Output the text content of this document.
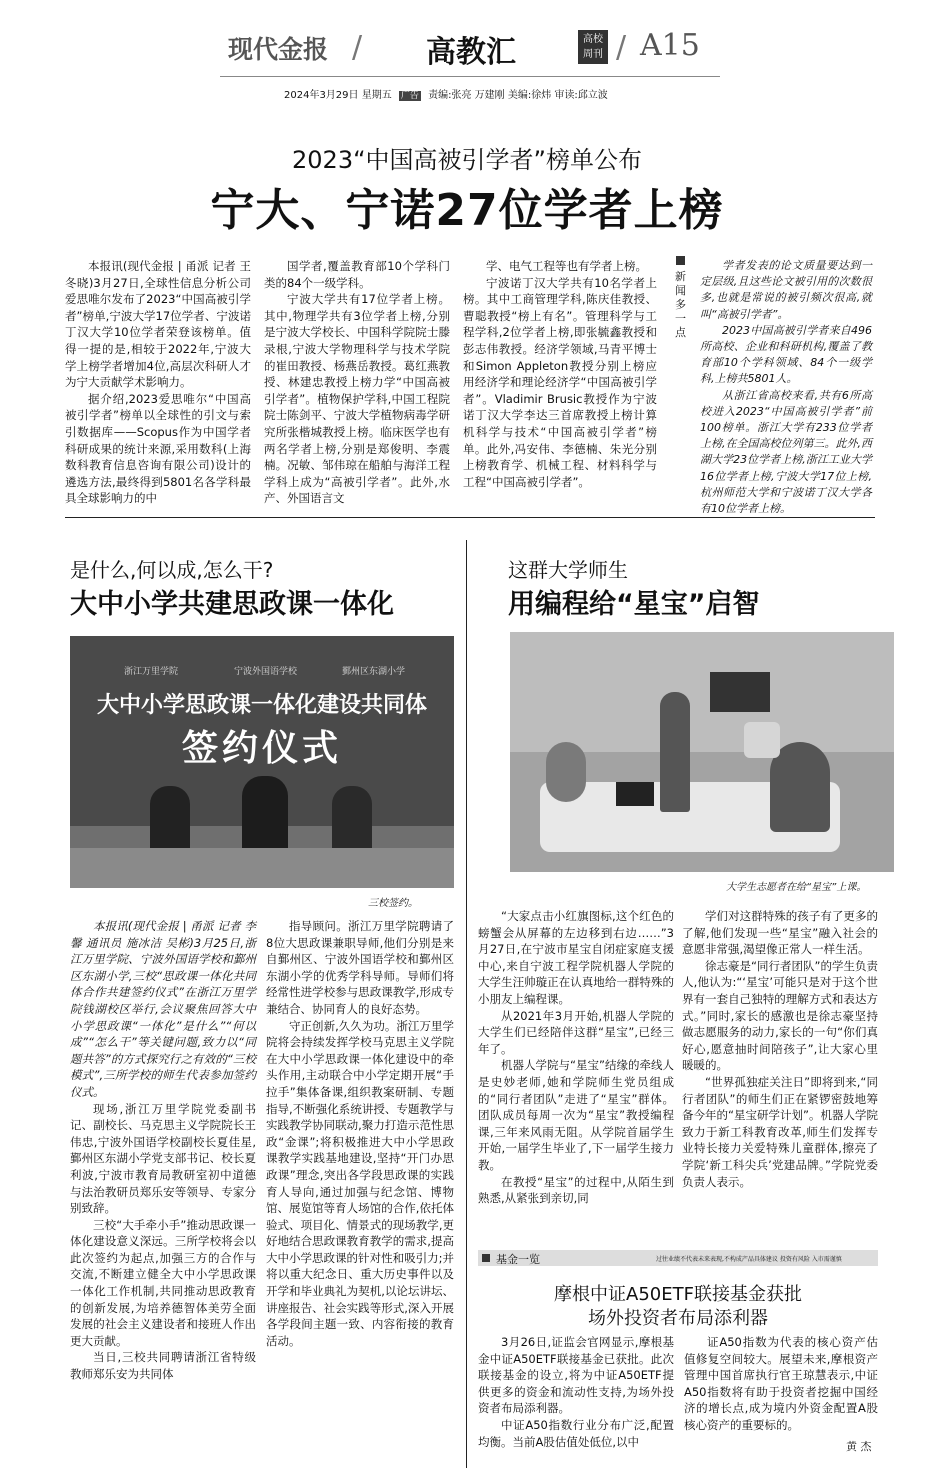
现代金报 / 高教汇	高校
周刊 / A15
2024年3月29日 星期五 广告 责编:张亮 万建刚 美编:徐炜 审读:邱立波
2023“中国高被引学者”榜单公布
宁大、宁诺27位学者上榜

本报讯(现代金报 | 甬派 记者 王冬晓)3月27日,全球性信息分析公司爱思唯尔发布了2023“中国高被引学者”榜单,宁波大学17位学者、宁波诺丁汉大学10位学者荣登该榜单。值得一提的是,相较于2022年,宁波大学上榜学者增加4位,高层次科研人才为宁大贡献学术影响力。

据介绍,2023爱思唯尔“中国高被引学者”榜单以全球性的引文与索引数据库——Scopus作为中国学者科研成果的统计来源,采用数科(上海数科教育信息咨询有限公司)设计的遴选方法,最终得到5801名各学科最具全球影响力的中

国学者,覆盖教育部10个学科门类的84个一级学科。

宁波大学共有17位学者上榜。其中,物理学共有3位学者上榜,分别是宁波大学校长、中国科学院院士滕录根,宁波大学物理科学与技术学院的崔田教授、杨燕岳教授。葛红燕教授、林建忠教授上榜力学“中国高被引学者”。植物保护学科,中国工程院院士陈剑平、宁波大学植物病毒学研究所张楷城教授上榜。临床医学也有两名学者上榜,分别是郑俊明、李震楠。况敏、邹伟琼在船舶与海洋工程学科上成为“高被引学者”。此外,水产、外国语言文

学、电气工程等也有学者上榜。

宁波诺丁汉大学共有10名学者上榜。其中工商管理学科,陈庆佳教授、曹聪教授“榜上有名”。管理科学与工程学科,2位学者上榜,即张毓鑫教授和彭志伟教授。经济学领域,马青平博士和Simon Appleton教授分别上榜应用经济学和理论经济学“中国高被引学者”。Vladimir Brusic教授作为宁波诺丁汉大学李达三首席教授上榜计算机科学与技术“中国高被引学者”榜单。此外,冯安伟、李德楠、朱光分别上榜教育学、机械工程、材料科学与工程“中国高被引学者”。

新闻多一点

学者发表的论文质量要达到一定层级,且这些论文被引用的次数很多,也就是常说的被引频次很高,就叫“高被引学者”。

2023中国高被引学者来自496所高校、企业和科研机构,覆盖了教育部10个学科领域、84个一级学科,上榜共5801人。

从浙江省高校来看,共有6所高校进入2023“中国高被引学者”前100榜单。浙江大学有233位学者上榜,在全国高校位列第三。此外,西湖大学23位学者上榜,浙江工业大学16位学者上榜,宁波大学17位上榜,杭州师范大学和宁波诺丁汉大学各有10位学者上榜。

是什么,何以成,怎么干?
大中小学共建思政课一体化
浙江万里学院	宁波外国语学校	鄞州区东湖小学
大中小学思政课一体化建设共同体
签约仪式
三校签约。

本报讯(现代金报 | 甬派 记者 李馨 通讯员 施冰洁 吴彬)3月25日,浙江万里学院、宁波外国语学校和鄞州区东湖小学,三校“思政课一体化共同体合作共建签约仪式”在浙江万里学院钱湖校区举行,会议聚焦回答大中小学思政课“一体化”是什么”“何以成”“怎么干”等关键问题,致力以“同题共答”的方式探究行之有效的“三校模式”,三所学校的师生代表参加签约仪式。

现场,浙江万里学院党委副书记、副校长、马克思主义学院院长王伟忠,宁波外国语学校副校长夏佳星,鄞州区东湖小学党支部书记、校长夏利波,宁波市教育局教研室初中道德与法治教研员郑乐安等领导、专家分别致辞。

三校“大手牵小手”推动思政课一体化建设意义深远。三所学校将会以此次签约为起点,加强三方的合作与交流,不断建立健全大中小学思政课一体化工作机制,共同推动思政教育的创新发展,为培养德智体美劳全面发展的社会主义建设者和接班人作出更大贡献。

当日,三校共同聘请浙江省特级教师郑乐安为共同体

指导顾问。浙江万里学院聘请了8位大思政课兼职导师,他们分别是来自鄞州区、宁波外国语学校和鄞州区东湖小学的优秀学科导师。导师们将经常性进学校参与思政课教学,形成专兼结合、协同育人的良好态势。

守正创新,久久为功。浙江万里学院将会持续发挥学校马克思主义学院在大中小学思政课一体化建设中的牵头作用,主动联合中小学定期开展“手拉手”集体备课,组织教案研制、专题指导,不断强化系统讲授、专题教学与实践教学协同联动,聚力打造示范性思政“金课”;将积极推进大中小学思政课教学实践基地建设,坚持“开门办思政课”理念,突出各学段思政课的实践育人导向,通过加强与纪念馆、博物馆、展览馆等育人场馆的合作,依托体验式、项目化、情景式的现场教学,更好地结合思政课教育教学的需求,提高大中小学思政课的针对性和吸引力;并将以重大纪念日、重大历史事件以及开学和毕业典礼为契机,以论坛讲坛、讲座报告、社会实践等形式,深入开展各学段间主题一致、内容衔接的教育活动。

这群大学师生
用编程给“星宝”启智
大学生志愿者在给“星宝”上课。

“大家点击小红旗图标,这个红色的螃蟹会从屏幕的左边移到右边……”3月27日,在宁波市星宝自闭症家庭支援中心,来自宁波工程学院机器人学院的大学生汪帅璇正在认真地给一群特殊的小朋友上编程课。

从2021年3月开始,机器人学院的大学生们已经陪伴这群“星宝”,已经三年了。

机器人学院与“星宝”结缘的牵线人是史妙老师,她和学院师生党员组成的“同行者团队”走进了“星宝”群体。团队成员每周一次为“星宝”教授编程课,三年来风雨无阻。从学院首届学生开始,一届学生毕业了,下一届学生接力教。

在教授“星宝”的过程中,从陌生到熟悉,从紧张到亲切,同

学们对这群特殊的孩子有了更多的了解,他们发现一些“星宝”融入社会的意愿非常强,渴望像正常人一样生活。

徐志豪是“同行者团队”的学生负责人,他认为:“‘星宝’可能只是对于这个世界有一套自己独特的理解方式和表达方式。”同时,家长的感激也是徐志豪坚持做志愿服务的动力,家长的一句“你们真好心,愿意抽时间陪孩子”,让大家心里暖暖的。

“世界孤独症关注日”即将到来,“同行者团队”的师生们正在紧锣密鼓地筹备今年的“星宝研学计划”。机器人学院致力于新工科教育改革,师生们发挥专业特长接力关爱特殊儿童群体,擦亮了学院‘新工科尖兵’党建品牌。”学院党委负责人表示。

基金一览	过往业绩不代表未来表现,不构成产品具体建议 投资有风险 入市需谨慎
摩根中证A50ETF联接基金获批
场外投资者布局添利器

3月26日,证监会官网显示,摩根基金中证A50ETF联接基金已获批。此次联接基金的设立,将为中证A50ETF提供更多的资金和流动性支持,为场外投资者布局添利器。

中证A50指数行业分布广泛,配置均衡。当前A股估值处低位,以中

证A50指数为代表的核心资产估值修复空间较大。展望未来,摩根资产管理中国首席执行官王琼慧表示,中证A50指数将有助于投资者挖掘中国经济的增长点,成为境内外资金配置A股核心资产的重要标的。

黄 杰
